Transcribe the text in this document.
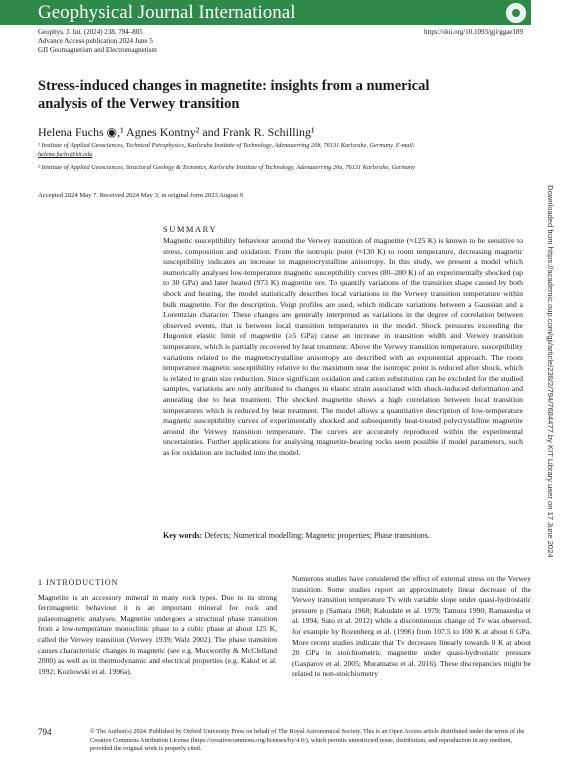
Geophysical Journal International
Geophys. J. Int. (2024) 238, 794–805
Advance Access publication 2024 June 5
GJI Geomagnetism and Electromagnetism
https://doi.org/10.1093/gji/ggae189
Stress-induced changes in magnetite: insights from a numerical analysis of the Verwey transition
Helena Fuchs ◉,¹ Agnes Kontny² and Frank R. Schilling¹
¹ Institute of Applied Geosciences, Technical Petrophysics, Karlsruhe Institute of Technology, Adenauerring 20b, 76131 Karlsruhe, Germany. E-mail:
helena.fuchs@kit.edu
² Institute of Applied Geosciences, Structural Geology & Tectonics, Karlsruhe Institute of Technology, Adenauerring 20a, 76131 Karlsruhe, Germany
Accepted 2024 May 7. Received 2024 May 3; in original form 2023 August 9	Downloaded from https://academic.oup.com/gji/article/238/2/794/7684477 by KIT Library user on 17 June 2024
SUMMARY
Magnetic susceptibility behaviour around the Verwey transition of magnetite (≈125 K) is known to be sensitive to stress, composition and oxidation. From the isotropic point (≈130 K) to room temperature, decreasing magnetic susceptibility indicates an increase in magnetocrystalline anisotropy. In this study, we present a model which numerically analyses low-temperature magnetic susceptibility curves (80–280 K) of an experimentally shocked (up to 30 GPa) and later heated (973 K) magnetite ore. To quantify variations of the transition shape caused by both shock and heating, the model statistically describes local variations in the Verwey transition temperature within bulk magnetite. For the description, Voigt profiles are used, which indicate variations between a Gaussian and a Lorentzian character. These changes are generally interpreted as variations in the degree of correlation between observed events, that is between local transition temperatures in the model. Shock pressures exceeding the Hugoniot elastic limit of magnetite (≥5 GPa) cause an increase in transition width and Verwey transition temperature, which is partially recovered by heat treatment. Above the Verwey transition temperature, susceptibility variations related to the magnetocrystalline anisotropy are described with an exponential approach. The room temperature magnetic susceptibility relative to the maximum near the isotropic point is reduced after shock, which is related to grain size reduction. Since significant oxidation and cation substitution can be excluded for the studied samples, variations are only attributed to changes in elastic strain associated with shock-induced deformation and annealing due to heat treatment. The shocked magnetite shows a high correlation between local transition temperatures which is reduced by heat treatment. The model allows a quantitative description of low-temperature magnetic susceptibility curves of experimentally shocked and subsequently heat-treated polycrystalline magnetite around the Verwey transition temperature. The curves are accurately reproduced within the experimental uncertainties. Further applications for analysing magnetite-bearing rocks seem possible if model parameters, such as for oxidation are included into the model.
Key words: Defects; Numerical modelling; Magnetic properties; Phase transitions.
1 INTRODUCTION
Magnetite is an accessory mineral in many rock types. Due to its strong ferrimagnetic behaviour it is an important mineral for rock and palaeomagnetic analyses. Magnetite undergoes a structural phase transition from a low-temperature monoclinic phase to a cubic phase at about 125 K, called the Verwey transition (Verwey 1939; Walz 2002). The phase transition causes characteristic changes in magnetic (see e.g. Muxworthy & McClelland 2000) as well as in thermodynamic and electrical properties (e.g. Kakol et al. 1992; Kozlowski et al. 1996a).
Numerous studies have considered the effect of external stress on the Verwey transition. Some studies report an approximately linear decrease of the Verwey transition temperature Tv with variable slope under quasi-hydrostatic pressure p (Samara 1968; Kakudate et al. 1979; Tamura 1990; Ramasesha et al. 1994; Sato et al. 2012) while a discontinuous change of Tv was observed, for example by Rozenberg et al. (1996) from 107.5 to 100 K at about 6 GPa. More recent studies indicate that Tv decreases linearly towards 0 K at about 20 GPa in stoichiometric magnetite under quasi-hydrostatic pressure (Gasparov et al. 2005; Muramatsu et al. 2016). These discrepancies might be related to non-stoichiometry
794	© The Author(s) 2024. Published by Oxford University Press on behalf of The Royal Astronomical Society. This is an Open Access article distributed under the terms of the Creative Commons Attribution License (https://creativecommons.org/licenses/by/4.0/), which permits unrestricted reuse, distribution, and reproduction in any medium, provided the original work is properly cited.
